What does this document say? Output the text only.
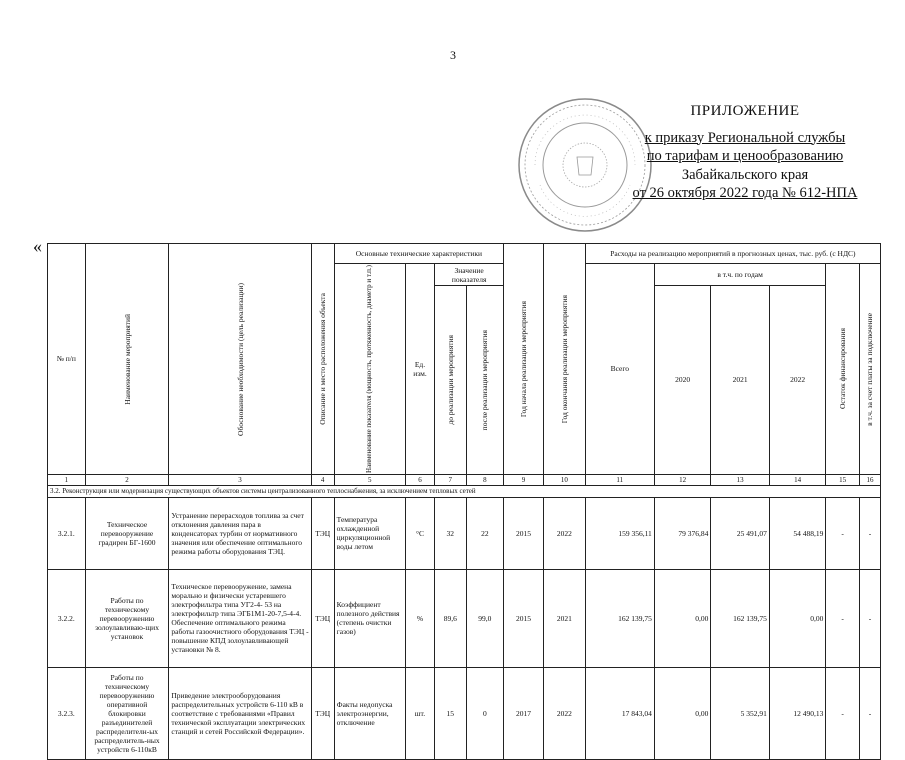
3
ПРИЛОЖЕНИЕ
к приказу Региональной службы
по тарифам и ценообразованию
Забайкальского края
от 26 октября 2022 года № 612-НПА
«
№ п/п	Наименование мероприятий	Обоснование необходимости (цель реализации)	Описание и место расположения объекта	Основные технические характеристики				Год начала реализации мероприятия	Год окончания реализации мероприятия	Расходы на реализацию мероприятий в прогнозных ценах, тыс. руб. (с НДС)					

				Наименование показателя (мощность, протяженность, диаметр и т.п.)	Ед. изм.	Значение показателя				Всего	в т.ч. по годам			Остаток финансирования	в т.ч. за счет платы за подключение

						до реализации мероприятия	после реализации мероприятия				2020	2021	2022		

1	2	3	4	5	6	7	8	9	10	11	12	13	14	15	16
3.2. Реконструкция или модернизация существующих объектов системы централизованного теплоснабжения, за исключением тепловых сетей															
3.2.1.	Техническое перевооружение градирен БГ-1600	Устранение перерасходов топлива за счет отклонения давления пара в конденсаторах турбин от нормативного значения или обеспечение оптимального режима работы оборудования ТЭЦ.	ТЭЦ	Температура охлажденной циркуляционной воды летом	°С	32	22	2015	2022	159 356,11	79 376,84	25 491,07	54 488,19	-	-
3.2.2.	Работы по техническому перевооружению золоулавливаю-щих установок	Техническое перевооружение, замена морально и физически устаревшего электрофильтра типа УГ2-4- 53 на электрофильтр типа ЭГБ1М1-20-7,5-4-4. Обеспечение оптимального режима работы газоочистного оборудования ТЭЦ - повышение КПД золоулавливающей установки № 8.	ТЭЦ	Коэффициент полезного действия (степень очистки газов)	%	89,6	99,0	2015	2021	162 139,75	0,00	162 139,75	0,00	-	-
3.2.3.	Работы по техническому перевооружению оперативной блокировки разъединителей распределителн-ых распределитель-ных устройств 6-110кВ	Приведение электрооборудования распределительных устройств 6-110 кВ в соответствие с требованиями «Правил технической эксплуатации электрических станций и сетей Российской Федерации».	ТЭЦ	Факты недопуска электроэнергии, отключение	шт.	15	0	2017	2022	17 843,04	0,00	5 352,91	12 490,13	-	-
